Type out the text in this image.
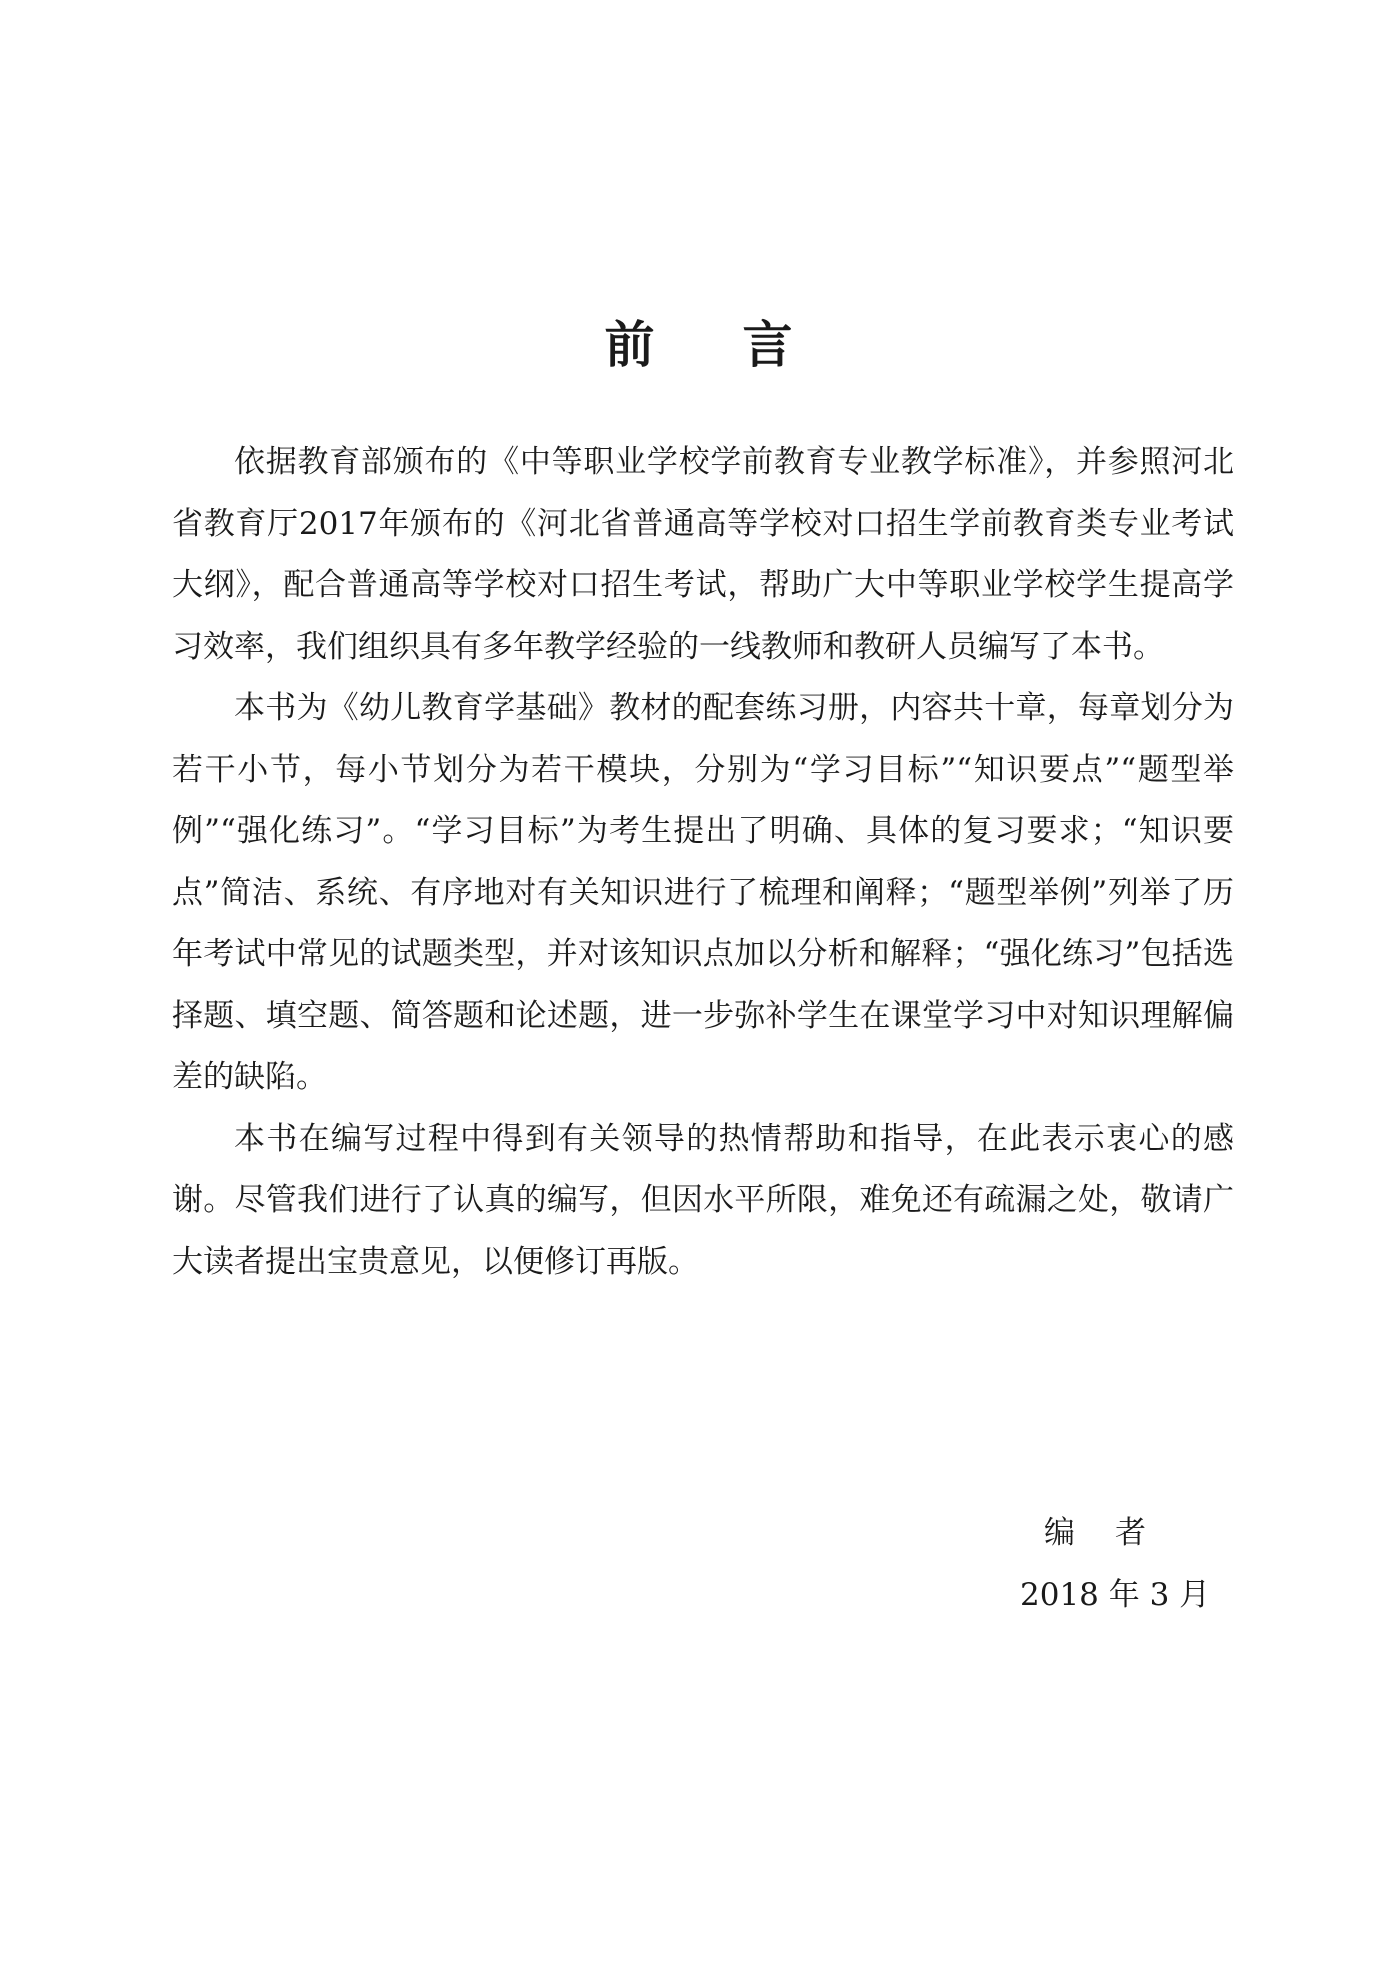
前言

依据教育部颁布的《中等职业学校学前教育专业教学标准》，并参照河北省教育厅2017年颁布的《河北省普通高等学校对口招生学前教育类专业考试大纲》，配合普通高等学校对口招生考试，帮助广大中等职业学校学生提高学习效率，我们组织具有多年教学经验的一线教师和教研人员编写了本书。

本书为《幼儿教育学基础》教材的配套练习册，内容共十章，每章划分为若干小节，每小节划分为若干模块，分别为“学习目标”“知识要点”“题型举例”“强化练习”。“学习目标”为考生提出了明确、具体的复习要求；“知识要点”简洁、系统、有序地对有关知识进行了梳理和阐释；“题型举例”列举了历年考试中常见的试题类型，并对该知识点加以分析和解释；“强化练习”包括选择题、填空题、简答题和论述题，进一步弥补学生在课堂学习中对知识理解偏差的缺陷。

本书在编写过程中得到有关领导的热情帮助和指导，在此表示衷心的感谢。尽管我们进行了认真的编写，但因水平所限，难免还有疏漏之处，敬请广大读者提出宝贵意见，以便修订再版。

编者
2018 年 3 月
